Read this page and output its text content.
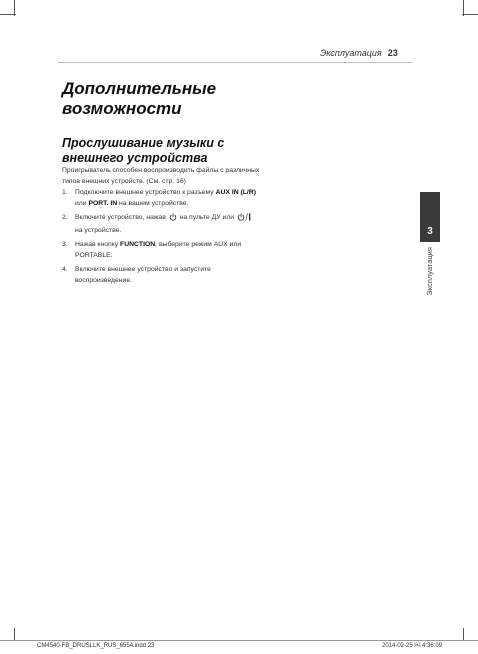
Эксплуатация 23
Дополнительные возможности
Прослушивание музыки с внешнего устройства
Проигрыватель способен воспроизводить файлы с различных типов внешних устройств. (См. стр. 16)
1. Подключите внешнее устройство к разъему AUX IN (L/R) или PORT. IN на вашем устройстве.
2. Включите устройство, нажав  на пульте ДУ или  на устройстве.
3. Нажав кнопку FUNCTION, выберите режим AUX или PORTABLE.
4. Включите внешнее устройство и запустите воспроизведение.
3
Эксплуатация
CM4540-FB_DRUSLLK_RUS_6554.indd 23	2014-02-25 ￼ 4:36:09
